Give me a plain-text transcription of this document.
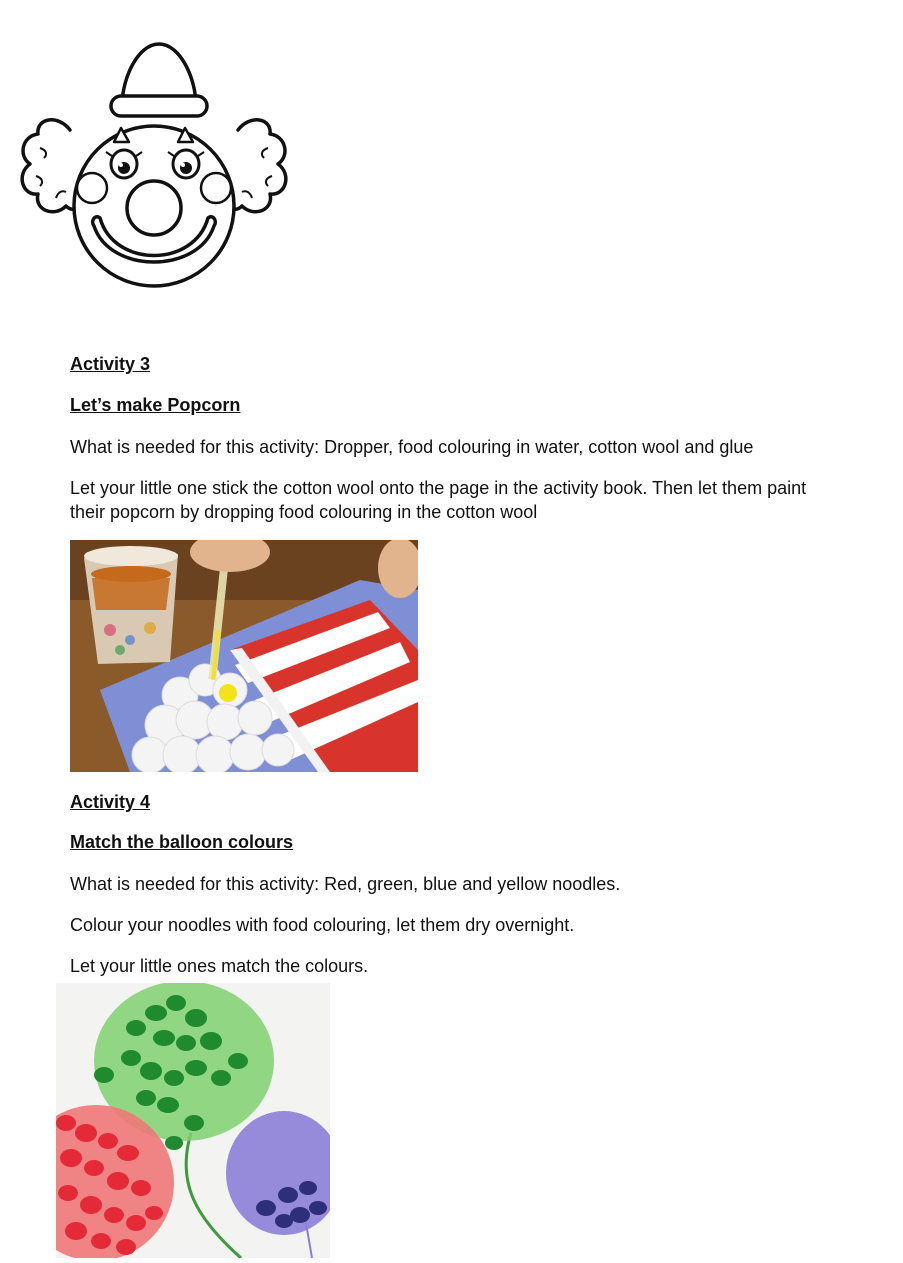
Activity 3
Let’s make Popcorn
What is needed for this activity: Dropper, food colouring in water, cotton wool and glue
Let your little one stick the cotton wool onto the page in the activity book. Then let them paint their popcorn by dropping food colouring in the cotton wool
Activity 4
Match the balloon colours
What is needed for this activity: Red, green, blue and yellow noodles.
Colour your noodles with food colouring, let them dry overnight.
Let your little ones match the colours.
